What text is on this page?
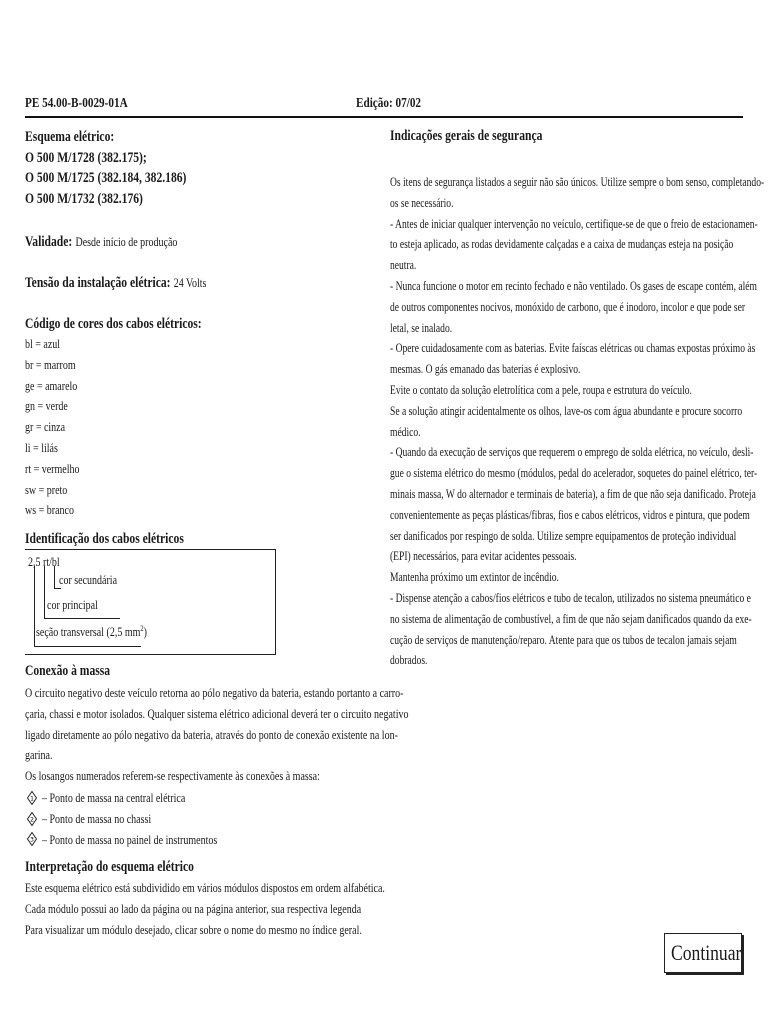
PE 54.00-B-0029-01A	Edição: 07/02
Esquema elétrico:
O 500 M/1728 (382.175);
O 500 M/1725 (382.184, 382.186)
O 500 M/1732 (382.176)
Validade: Desde início de produção
Tensão da instalação elétrica: 24 Volts
Código de cores dos cabos elétricos:
bl = azul
br = marrom
ge = amarelo
gn = verde
gr = cinza
li = lilás
rt = vermelho
sw = preto
ws = branco
Identificação dos cabos elétricos
2,5 rt/bl
cor secundária
cor principal
seção transversal (2,5 $mm^2$)
Conexão à massa
O circuito negativo deste veículo retorna ao pólo negativo da bateria, estando portanto a carro-
çaria, chassi e motor isolados. Qualquer sistema elétrico adicional deverá ter o circuito negativo
ligado diretamente ao pólo negativo da bateria, através do ponto de conexão existente na lon-
garina.
Os losangos numerados referem-se respectivamente às conexões à massa:
1
2
3
– Ponto de massa na central elétrica
– Ponto de massa no chassi
– Ponto de massa no painel de instrumentos
Interpretação do esquema elétrico
Este esquema elétrico está subdividido em vários módulos dispostos em ordem alfabética.
Cada módulo possui ao lado da página ou na página anterior, sua respectiva legenda
Para visualizar um módulo desejado, clicar sobre o nome do mesmo no índice geral.
Indicações gerais de segurança
Os itens de segurança listados a seguir não são únicos. Utilize sempre o bom senso, completando-
os se necessário.
- Antes de iniciar qualquer intervenção no veículo, certifique-se de que o freio de estacionamen-
to esteja aplicado, as rodas devidamente calçadas e a caixa de mudanças esteja na posição
neutra.
- Nunca funcione o motor em recinto fechado e não ventilado. Os gases de escape contém, além
de outros componentes nocivos, monóxido de carbono, que é inodoro, incolor e que pode ser
letal, se inalado.
- Opere cuidadosamente com as baterias. Evite faíscas elétricas ou chamas expostas próximo às
mesmas. O gás emanado das baterias é explosivo.
Evite o contato da solução eletrolítica com a pele, roupa e estrutura do veículo.
Se a solução atingir acidentalmente os olhos, lave-os com água abundante e procure socorro
médico.
- Quando da execução de serviços que requerem o emprego de solda elétrica, no veículo, desli-
gue o sistema elétrico do mesmo (módulos, pedal do acelerador, soquetes do painel elétrico, ter-
minais massa, W do alternador e terminais de bateria), a fim de que não seja danificado. Proteja
convenientemente as peças plásticas/fibras, fios e cabos elétricos, vidros e pintura, que podem
ser danificados por respingo de solda. Utilize sempre equipamentos de proteção individual
(EPI) necessários, para evitar acidentes pessoais.
Mantenha próximo um extintor de incêndio.
- Dispense atenção a cabos/fios elétricos e tubo de tecalon, utilizados no sistema pneumático e
no sistema de alimentação de combustível, a fim de que não sejam danificados quando da exe-
cução de serviços de manutenção/reparo. Atente para que os tubos de tecalon jamais sejam
dobrados.
Continuar
